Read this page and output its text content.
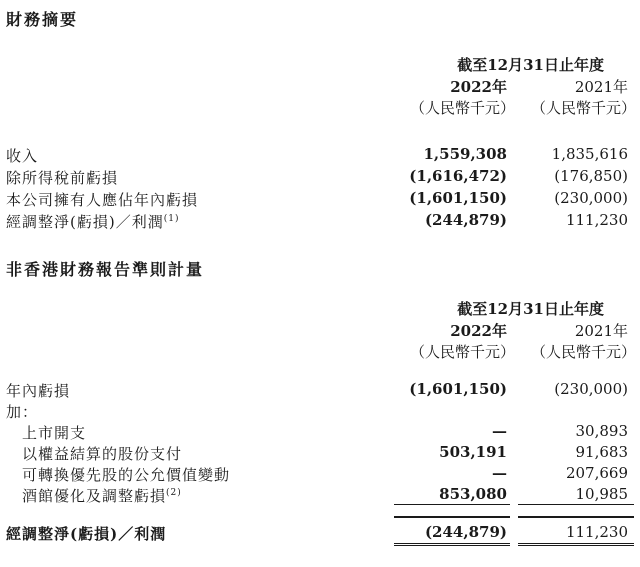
財務摘要
截至12月31日止年度
2022年	2021年
（人民幣千元） （人民幣千元）
收入	1,559,308	1,835,616
除所得稅前虧損	(1,616,472)	(176,850)
本公司擁有人應佔年內虧損	(1,601,150)	(230,000)
經調整淨(虧損)／利潤$^{(1)}$	(244,879)	111,230
非香港財務報告準則計量
截至12月31日止年度
2022年	2021年
（人民幣千元） （人民幣千元）
年內虧損	(1,601,150)	(230,000)
加：
上市開支	—	30,893
以權益結算的股份支付	503,191	91,683
可轉換優先股的公允價值變動	—	207,669
酒館優化及調整虧損$^{(2)}$	853,080	10,985
經調整淨(虧損)／利潤	(244,879)	111,230
